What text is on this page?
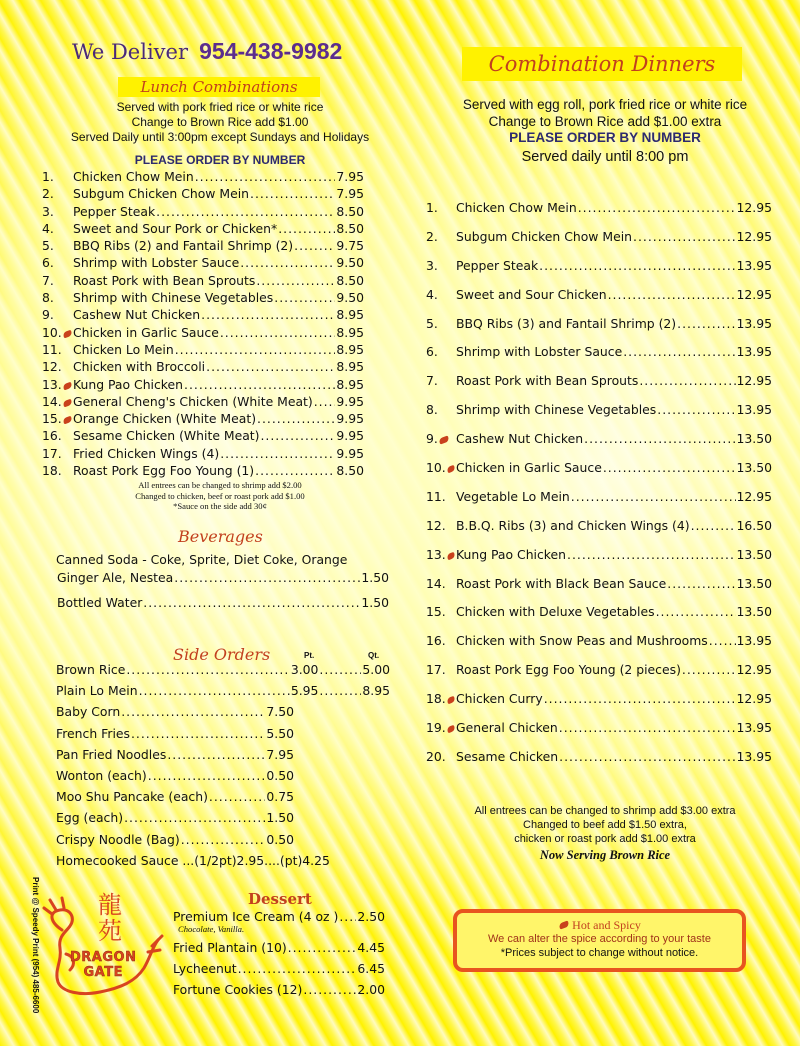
We Deliver 954-438-9982
Lunch Combinations
Served with pork fried rice or white rice
Change to Brown Rice add $1.00
Served Daily until 3:00pm except Sundays and Holidays
PLEASE ORDER BY NUMBER
1.	Chicken Chow Mein .....	7.95
2.	Subgum Chicken Chow Mein .....	7.95
3.	Pepper Steak .....	8.50
4.	Sweet and Sour Pork or Chicken* .....	8.50
5.	BBQ Ribs (2) and Fantail Shrimp (2) .....	9.75
6.	Shrimp with Lobster Sauce .....	9.50
7.	Roast Pork with Bean Sprouts .....	8.50
8.	Shrimp with Chinese Vegetables .....	9.50
9.	Cashew Nut Chicken .....	8.95
10. Chicken in Garlic Sauce .....	8.95
11. Chicken Lo Mein .....	8.95
12. Chicken with Broccoli .....	8.95
13. Kung Pao Chicken .....	8.95
14. General Cheng's Chicken (White Meat) ..... 9.95
15. Orange Chicken (White Meat) .....	9.95
16. Sesame Chicken (White Meat) .....	9.95
17. Fried Chicken Wings (4) .....	9.95
18. Roast Pork Egg Foo Young (1) .....	8.50
All entrees can be changed to shrimp add $2.00
Changed to chicken, beef or roast pork add $1.00
*Sauce on the side add 30¢
Beverages
Canned Soda - Coke, Sprite, Diet Coke, Orange
Ginger Ale, Nestea .....	1.50
Bottled Water .....	1.50
Side Orders	Pt.	Qt.
Brown Rice .....	3.00 .....	5.00
Plain Lo Mein .....	5.95 .....	8.95
Baby Corn .....	7.50
French Fries .....	5.50
Pan Fried Noodles .....	7.95
Wonton (each) .....	0.50
Moo Shu Pancake (each) .....	0.75
Egg (each) .....	1.50
Crispy Noodle (Bag) .....	0.50
Homecooked Sauce ...(1/2pt)2.95....(pt)4.25
Print @ Speedy Print (954) 485-6600 龍苑
DRAGON
GATE
Dessert
Premium Ice Cream (4 oz ) ..... 2.50
Chocolate, Vanilla.
Fried Plantain (10) .....	4.45
Lycheenut .....	6.45
Fortune Cookies (12) .....	2.00
Combination Dinners
Served with egg roll, pork fried rice or white rice
Change to Brown Rice add $1.00 extra
PLEASE ORDER BY NUMBER
Served daily until 8:00 pm
1.	Chicken Chow Mein .....	12.95
2.	Subgum Chicken Chow Mein .....	12.95
3.	Pepper Steak .....	13.95
4.	Sweet and Sour Chicken .....	12.95
5.	BBQ Ribs (3) and Fantail Shrimp (2) .....	13.95
6.	Shrimp with Lobster Sauce .....	13.95
7.	Roast Pork with Bean Sprouts .....	12.95
8.	Shrimp with Chinese Vegetables .....	13.95
9. Cashew Nut Chicken .....	13.50
10. Chicken in Garlic Sauce .....	13.50
11. Vegetable Lo Mein .....	12.95
12. B.B.Q. Ribs (3) and Chicken Wings (4) .....	16.50
13. Kung Pao Chicken .....	13.50
14. Roast Pork with Black Bean Sauce .....	13.50
15. Chicken with Deluxe Vegetables .....	13.50
16. Chicken with Snow Peas and Mushrooms ..... 13.95
17. Roast Pork Egg Foo Young (2 pieces) .....	12.95
18. Chicken Curry .....	12.95
19. General Chicken .....	13.95
20. Sesame Chicken .....	13.95
All entrees can be changed to shrimp add $3.00 extra
Changed to beef add $1.50 extra,
chicken or roast pork add $1.00 extra
Now Serving Brown Rice
Hot and Spicy
We can alter the spice according to your taste
*Prices subject to change without notice.
